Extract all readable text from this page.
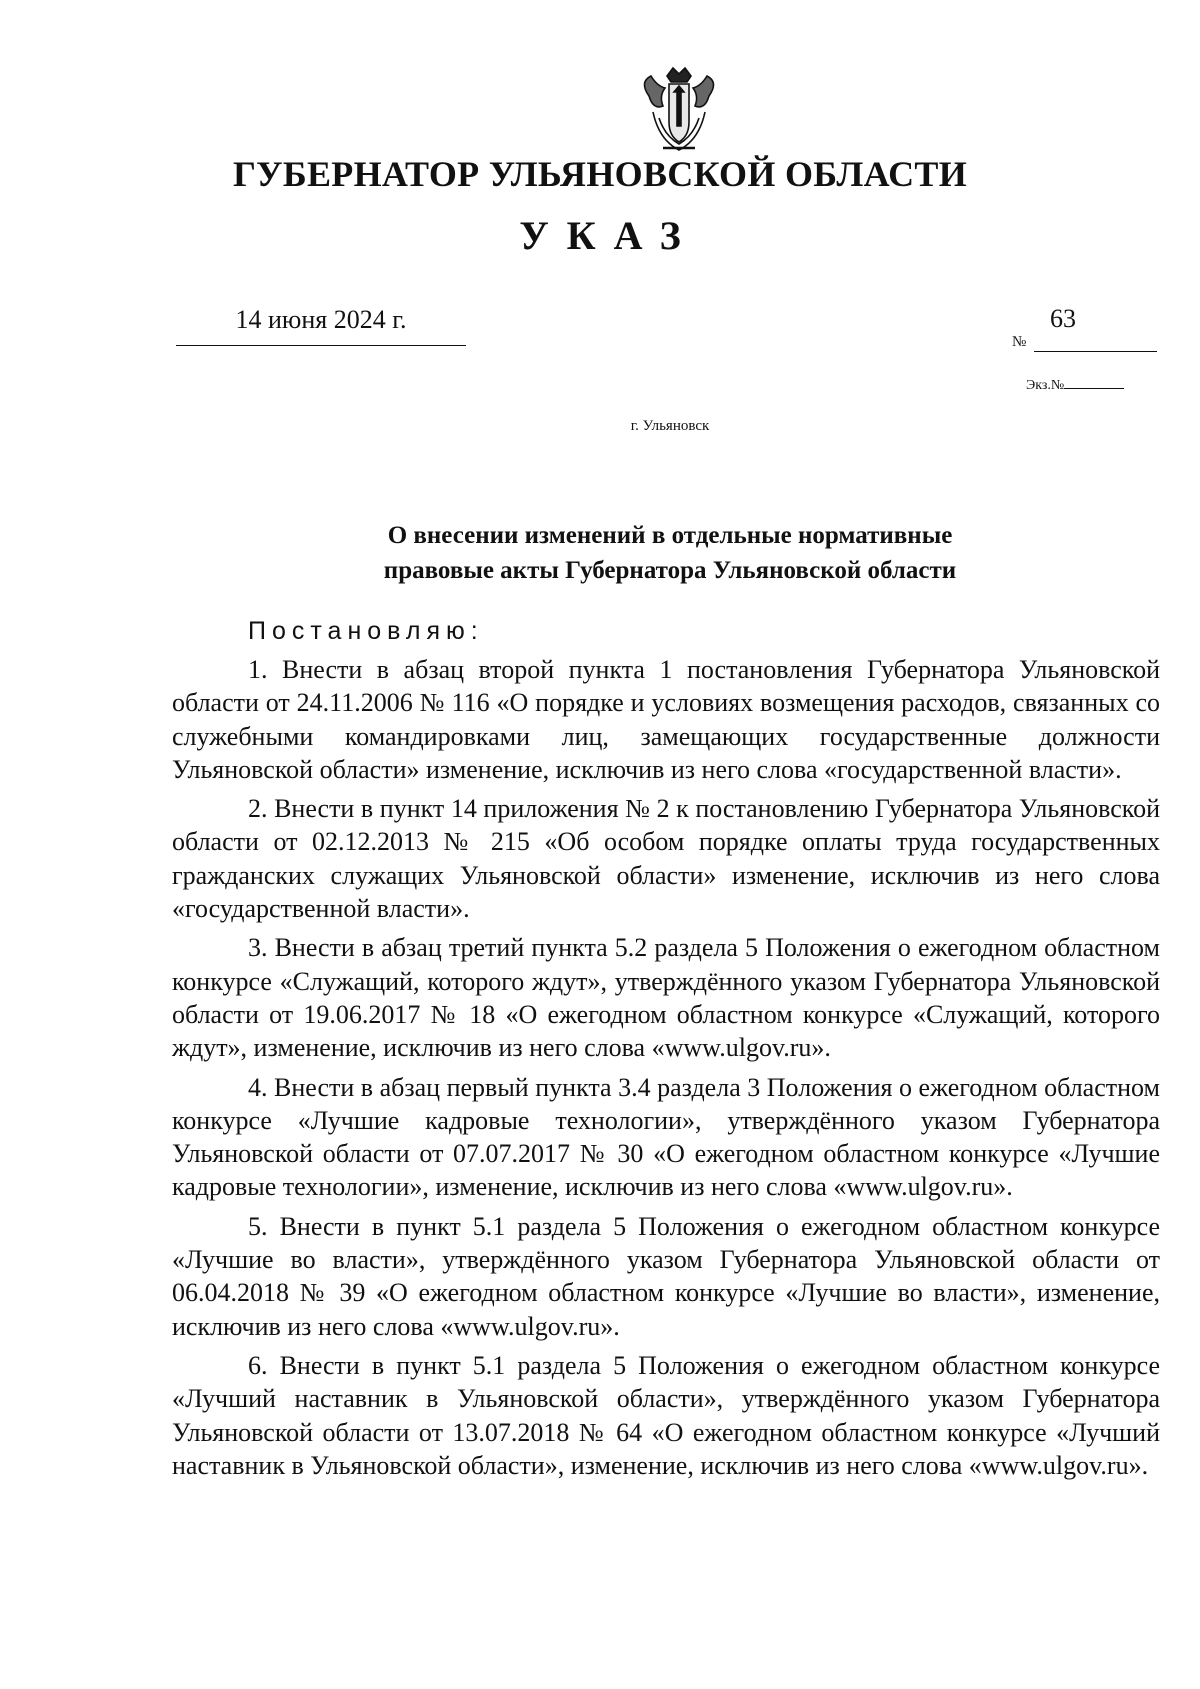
ГУБЕРНАТОР УЛЬЯНОВСКОЙ ОБЛАСТИ
УКАЗ
14 июня 2024 г.
№
63
Экз.№
г. Ульяновск
О внесении изменений в отдельные нормативные
правовые акты Губернатора Ульяновской области
Постановляю:

1. Внести в абзац второй пункта 1 постановления Губернатора Ульяновской области от 24.11.2006 № 116 «О порядке и условиях возмещения расходов, связанных со служебными командировками лиц, замещающих государственные должности Ульяновской области» изменение, исключив из него слова «государственной власти».

2. Внести в пункт 14 приложения № 2 к постановлению Губернатора Ульяновской области от 02.12.2013 № 215 «Об особом порядке оплаты труда государственных гражданских служащих Ульяновской области» изменение, исключив из него слова «государственной власти».

3. Внести в абзац третий пункта 5.2 раздела 5 Положения о ежегодном областном конкурсе «Служащий, которого ждут», утверждённого указом Губернатора Ульяновской области от 19.06.2017 № 18 «О ежегодном областном конкурсе «Служащий, которого ждут», изменение, исключив из него слова «www.ulgov.ru».

4. Внести в абзац первый пункта 3.4 раздела 3 Положения о ежегодном областном конкурсе «Лучшие кадровые технологии», утверждённого указом Губернатора Ульяновской области от 07.07.2017 № 30 «О ежегодном областном конкурсе «Лучшие кадровые технологии», изменение, исключив из него слова «www.ulgov.ru».

5. Внести в пункт 5.1 раздела 5 Положения о ежегодном областном конкурсе «Лучшие во власти», утверждённого указом Губернатора Ульяновской области от 06.04.2018 № 39 «О ежегодном областном конкурсе «Лучшие во власти», изменение, исключив из него слова «www.ulgov.ru».

6. Внести в пункт 5.1 раздела 5 Положения о ежегодном областном конкурсе «Лучший наставник в Ульяновской области», утверждённого указом Губернатора Ульяновской области от 13.07.2018 № 64 «О ежегодном областном конкурсе «Лучший наставник в Ульяновской области», изменение, исключив из него слова «www.ulgov.ru».
